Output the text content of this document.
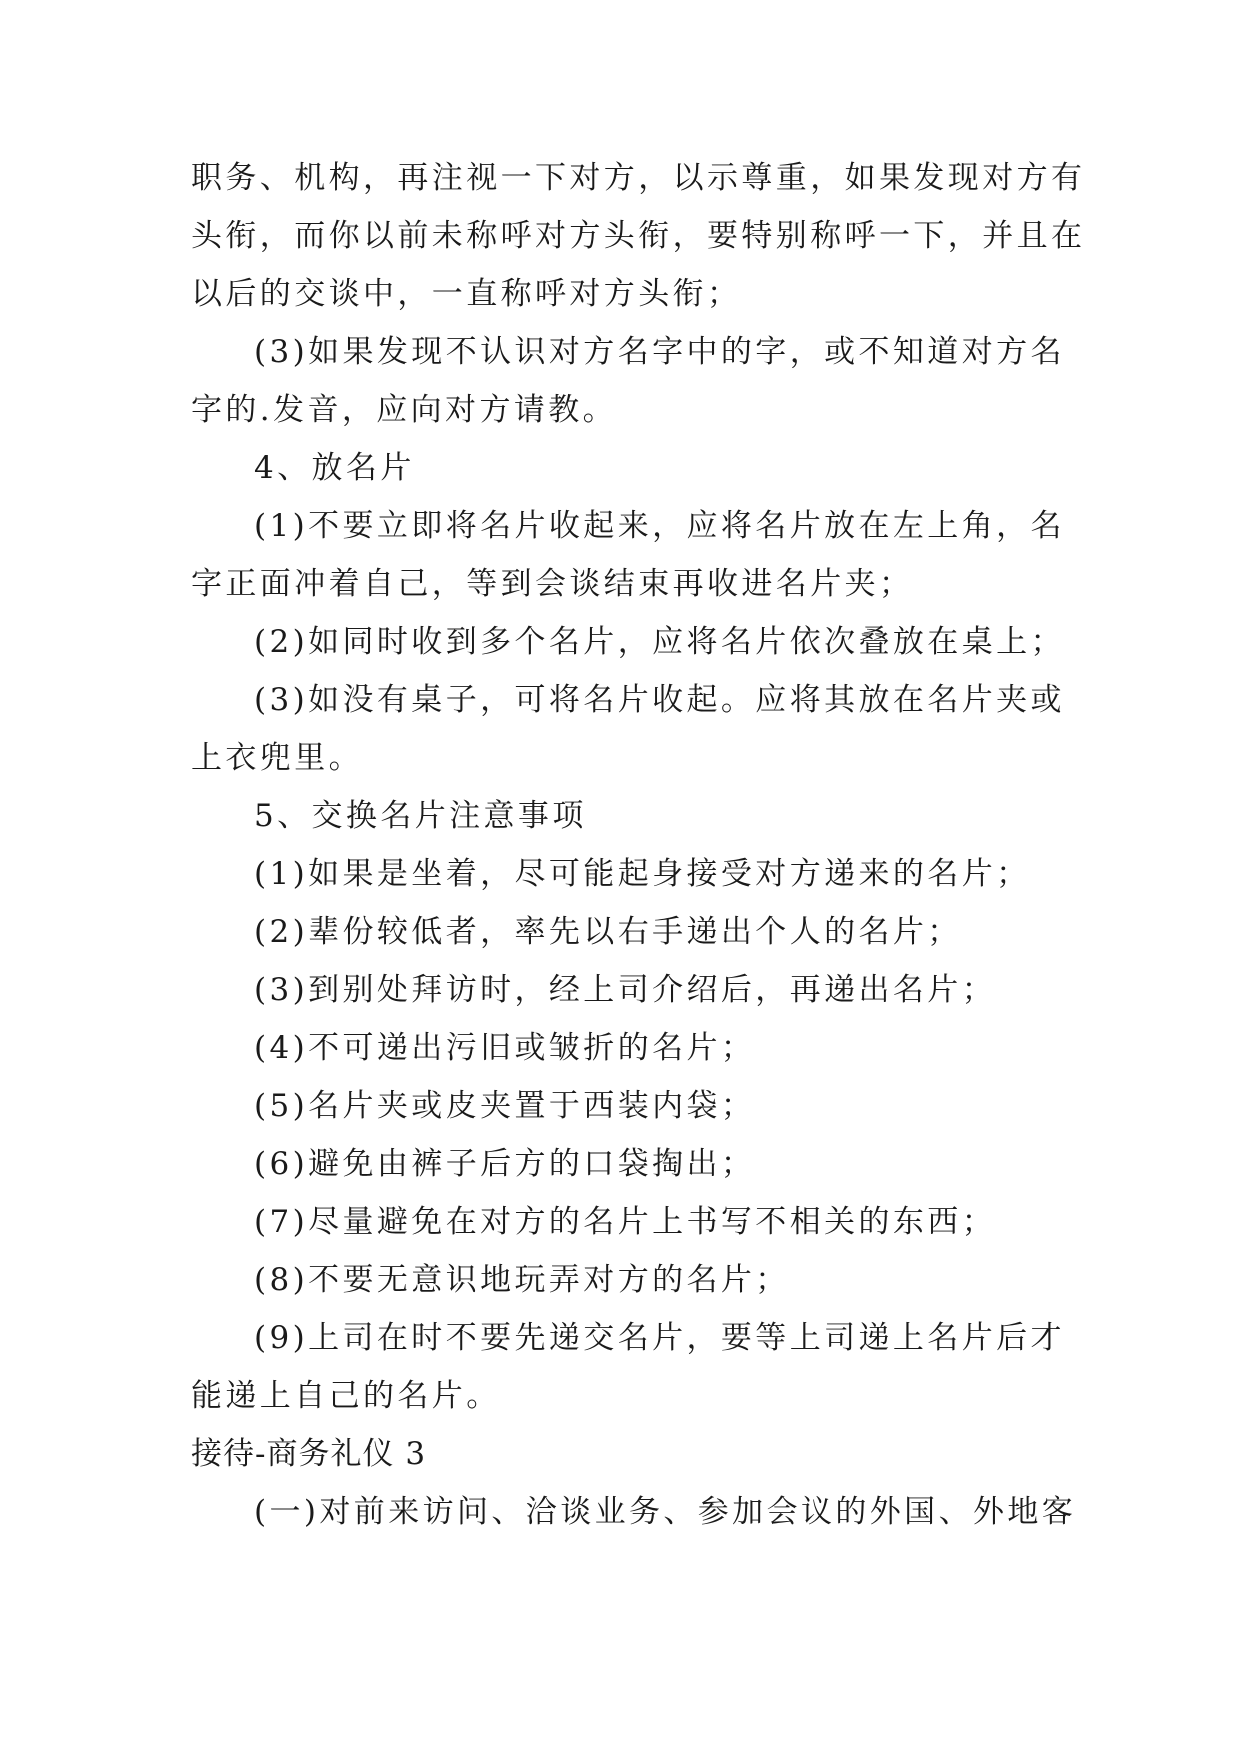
职务、机构，再注视一下对方，以示尊重，如果发现对方有
头衔，而你以前未称呼对方头衔，要特别称呼一下，并且在
以后的交谈中，一直称呼对方头衔；
(3)如果发现不认识对方名字中的字，或不知道对方名
字的.发音，应向对方请教。
4、放名片
(1)不要立即将名片收起来，应将名片放在左上角，名
字正面冲着自己，等到会谈结束再收进名片夹；
(2)如同时收到多个名片，应将名片依次叠放在桌上；
(3)如没有桌子，可将名片收起。应将其放在名片夹或
上衣兜里。
5、交换名片注意事项
(1)如果是坐着，尽可能起身接受对方递来的名片；
(2)辈份较低者，率先以右手递出个人的名片；
(3)到别处拜访时，经上司介绍后，再递出名片；
(4)不可递出污旧或皱折的名片；
(5)名片夹或皮夹置于西装内袋；
(6)避免由裤子后方的口袋掏出；
(7)尽量避免在对方的名片上书写不相关的东西；
(8)不要无意识地玩弄对方的名片；
(9)上司在时不要先递交名片，要等上司递上名片后才
能递上自己的名片。
接待-商务礼仪 3
(一)对前来访问、洽谈业务、参加会议的外国、外地客
